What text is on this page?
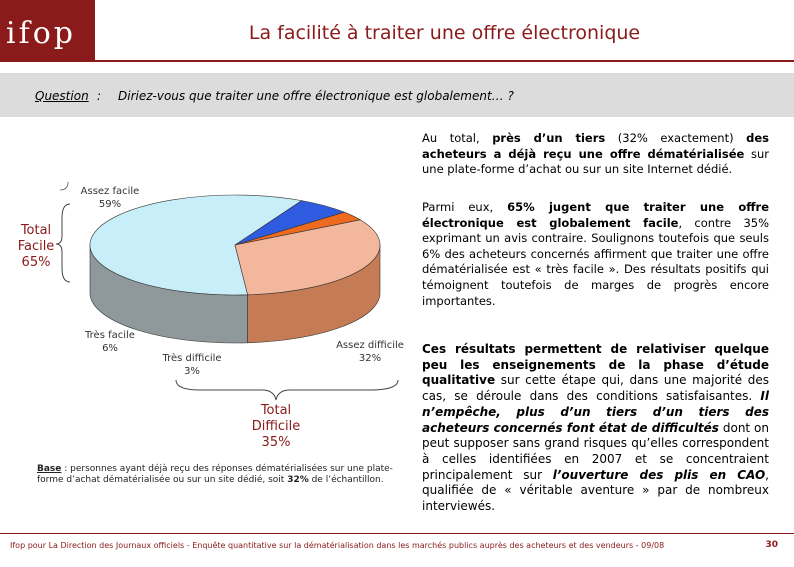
ifop	La facilité à traiter une offre électronique
Question : Diriez-vous que traiter une offre électronique est globalement… ?
Assez facile
59%
Très facile
6%
Très difficile
3%
Assez difficile
32%
Total
Facile
65%
Total
Difficile
35%
Base : personnes ayant déjà reçu des réponses dématérialisées sur une plate-forme d’achat dématérialisée ou sur un site dédié, soit 32% de l’échantillon.
Au total, près d’un tiers (32% exactement) des acheteurs a déjà reçu une offre dématérialisée sur une plate-forme d’achat ou sur un site Internet dédié.
Parmi eux, 65% jugent que traiter une offre électronique est globalement facile, contre 35% exprimant un avis contraire. Soulignons toutefois que seuls 6% des acheteurs concernés affirment que traiter une offre dématérialisée est « très facile ». Des résultats positifs qui témoignent toutefois de marges de progrès encore importantes.
Ces résultats permettent de relativiser quelque peu les enseignements de la phase d’étude qualitative sur cette étape qui, dans une majorité des cas, se déroule dans des conditions satisfaisantes. Il n’empêche, plus d’un tiers d’un tiers des acheteurs concernés font état de difficultés dont on peut supposer sans grand risques qu’elles correspondent à celles identifiées en 2007 et se concentraient principalement sur l’ouverture des plis en CAO, qualifiée de « véritable aventure » par de nombreux interviewés.
Ifop pour La Direction des Journaux officiels - Enquête quantitative sur la dématérialisation dans les marchés publics auprès des acheteurs et des vendeurs - 09/08	30
